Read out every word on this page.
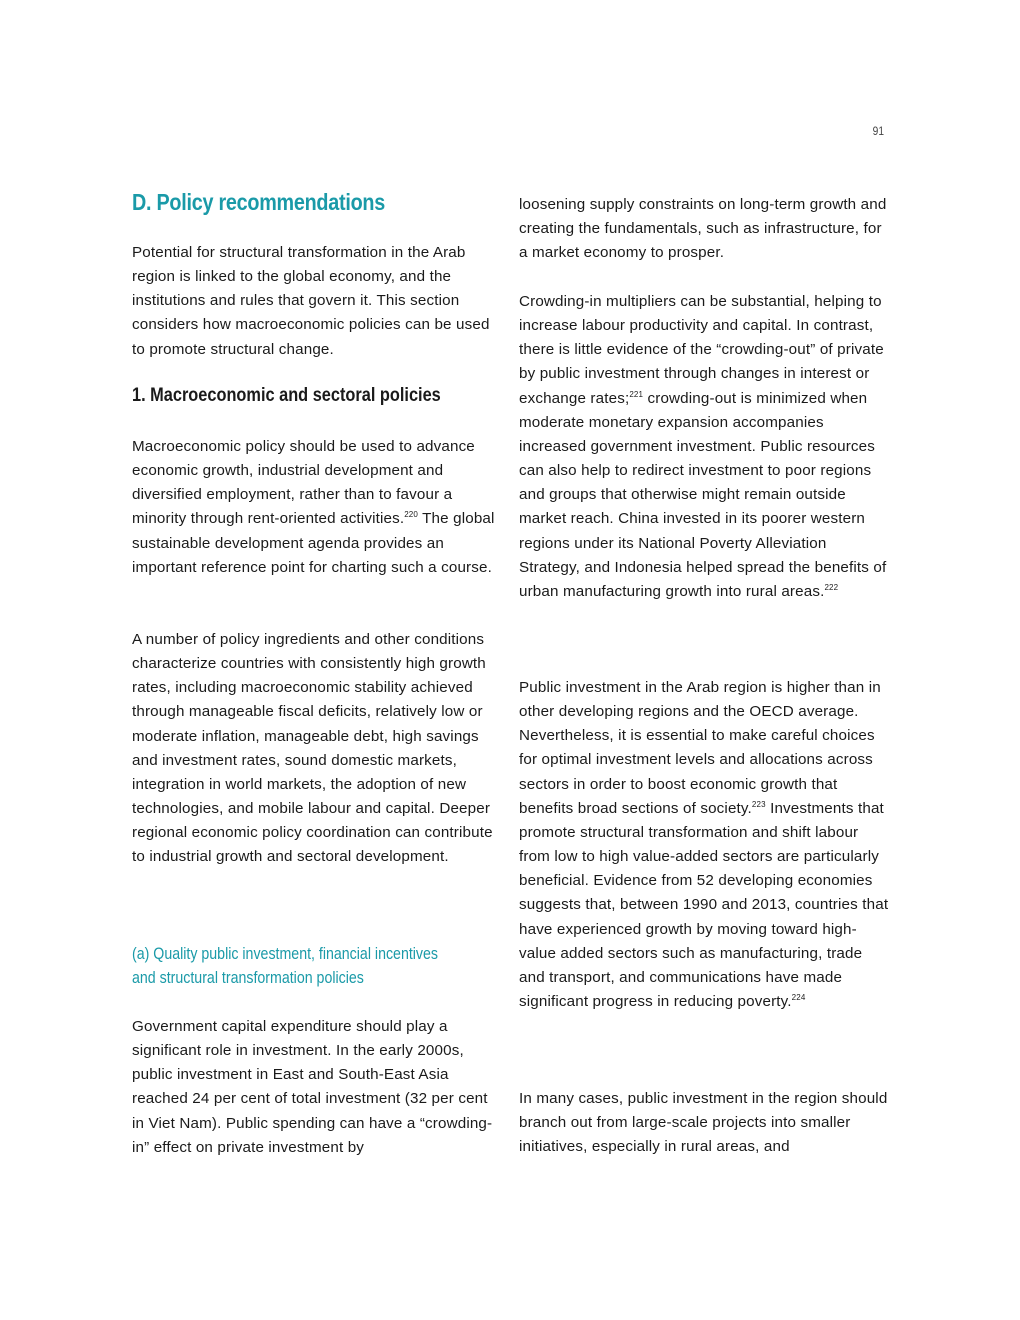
91
D. Policy recommendations

Potential for structural transformation in the Arab region is linked to the global economy, and the institutions and rules that govern it. This section considers how macroeconomic policies can be used to promote structural change.

1. Macroeconomic and sectoral policies

Macroeconomic policy should be used to advance economic growth, industrial development and diversified employment, rather than to favour a minority through rent-oriented activities.$^{220}$ The global sustainable development agenda provides an important reference point for charting such a course.

A number of policy ingredients and other conditions characterize countries with consistently high growth rates, including macroeconomic stability achieved through manageable fiscal deficits, relatively low or moderate inflation, manageable debt, high savings and investment rates, sound domestic markets, integration in world markets, the adoption of new technologies, and mobile labour and capital. Deeper regional economic policy coordination can contribute to industrial growth and sectoral development.

(a) Quality public investment, financial incentives
and structural transformation policies

Government capital expenditure should play a significant role in investment. In the early 2000s, public investment in East and South-East Asia reached 24 per cent of total investment (32 per cent in Viet Nam). Public spending can have a “crowding-in” effect on private investment by

loosening supply constraints on long-term growth and creating the fundamentals, such as infrastructure, for a market economy to prosper.

Crowding-in multipliers can be substantial, helping to increase labour productivity and capital. In contrast, there is little evidence of the “crowding-out” of private by public investment through changes in interest or exchange rates;$^{221}$ crowding-out is minimized when moderate monetary expansion accompanies increased government investment. Public resources can also help to redirect investment to poor regions and groups that otherwise might remain outside market reach. China invested in its poorer western regions under its National Poverty Alleviation Strategy, and Indonesia helped spread the benefits of urban manufacturing growth into rural areas.$^{222}$

Public investment in the Arab region is higher than in other developing regions and the OECD average. Nevertheless, it is essential to make careful choices for optimal investment levels and allocations across sectors in order to boost economic growth that benefits broad sections of society.$^{223}$ Investments that promote structural transformation and shift labour from low to high value-added sectors are particularly beneficial. Evidence from 52 developing economies suggests that, between 1990 and 2013, countries that have experienced growth by moving toward high-value added sectors such as manufacturing, trade and transport, and communications have made significant progress in reducing poverty.$^{224}$

In many cases, public investment in the region should branch out from large-scale projects into smaller initiatives, especially in rural areas, and
